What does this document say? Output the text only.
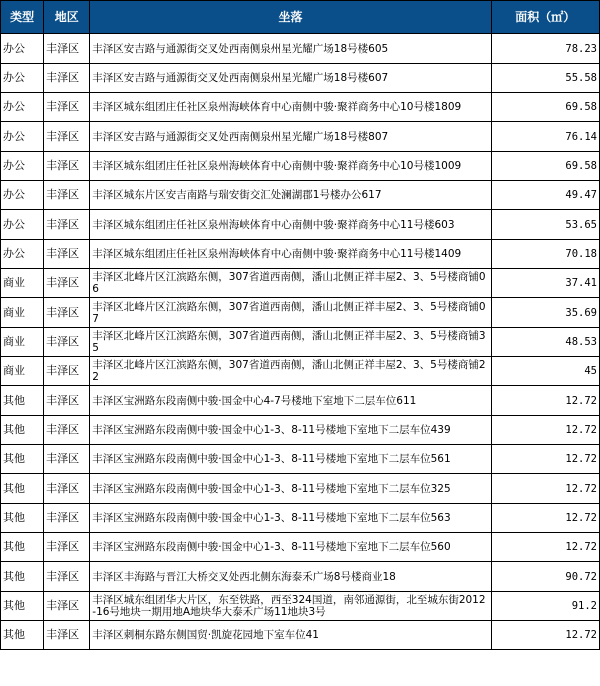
类型	地区	坐落	面积（㎡）
办公	丰泽区	丰泽区安吉路与通源街交叉处西南侧泉州星光耀广场18号楼605	78.23
办公	丰泽区	丰泽区安吉路与通源街交叉处西南侧泉州星光耀广场18号楼607	55.58
办公	丰泽区	丰泽区城东组团庄任社区泉州海峡体育中心南侧中骏·聚祥商务中心10号楼1809	69.58
办公	丰泽区	丰泽区安吉路与通源街交叉处西南侧泉州星光耀广场18号楼807	76.14
办公	丰泽区	丰泽区城东组团庄任社区泉州海峡体育中心南侧中骏·聚祥商务中心10号楼1009	69.58
办公	丰泽区	丰泽区城东片区安吉南路与瑞安街交汇处澜湖郡1号楼办公617	49.47
办公	丰泽区	丰泽区城东组团庄任社区泉州海峡体育中心南侧中骏·聚祥商务中心11号楼603	53.65
办公	丰泽区	丰泽区城东组团庄任社区泉州海峡体育中心南侧中骏·聚祥商务中心11号楼1409	70.18
商业	丰泽区	丰泽区北峰片区江滨路东侧，307省道西南侧，潘山北侧正祥丰屋2、3、5号楼商铺06	37.41
商业	丰泽区	丰泽区北峰片区江滨路东侧，307省道西南侧，潘山北侧正祥丰屋2、3、5号楼商铺07	35.69
商业	丰泽区	丰泽区北峰片区江滨路东侧，307省道西南侧，潘山北侧正祥丰屋2、3、5号楼商铺35	48.53
商业	丰泽区	丰泽区北峰片区江滨路东侧，307省道西南侧，潘山北侧正祥丰屋2、3、5号楼商铺22	45
其他	丰泽区	丰泽区宝洲路东段南侧中骏·国金中心4-7号楼地下室地下二层车位611	12.72
其他	丰泽区	丰泽区宝洲路东段南侧中骏·国金中心1-3、8-11号楼地下室地下二层车位439	12.72
其他	丰泽区	丰泽区宝洲路东段南侧中骏·国金中心1-3、8-11号楼地下室地下二层车位561	12.72
其他	丰泽区	丰泽区宝洲路东段南侧中骏·国金中心1-3、8-11号楼地下室地下二层车位325	12.72
其他	丰泽区	丰泽区宝洲路东段南侧中骏·国金中心1-3、8-11号楼地下室地下二层车位563	12.72
其他	丰泽区	丰泽区宝洲路东段南侧中骏·国金中心1-3、8-11号楼地下室地下二层车位560	12.72
其他	丰泽区	丰泽区丰海路与晋江大桥交叉处西北侧东海泰禾广场8号楼商业18	90.72
其他	丰泽区	丰泽区城东组团华大片区，东至铁路，西至324国道，南邻通源街，北至城东街2012-16号地块一期用地A地块华大泰禾广场11地块3号	91.2
其他	丰泽区	丰泽区刺桐东路东侧国贸·凯旋花园地下室车位41	12.72
